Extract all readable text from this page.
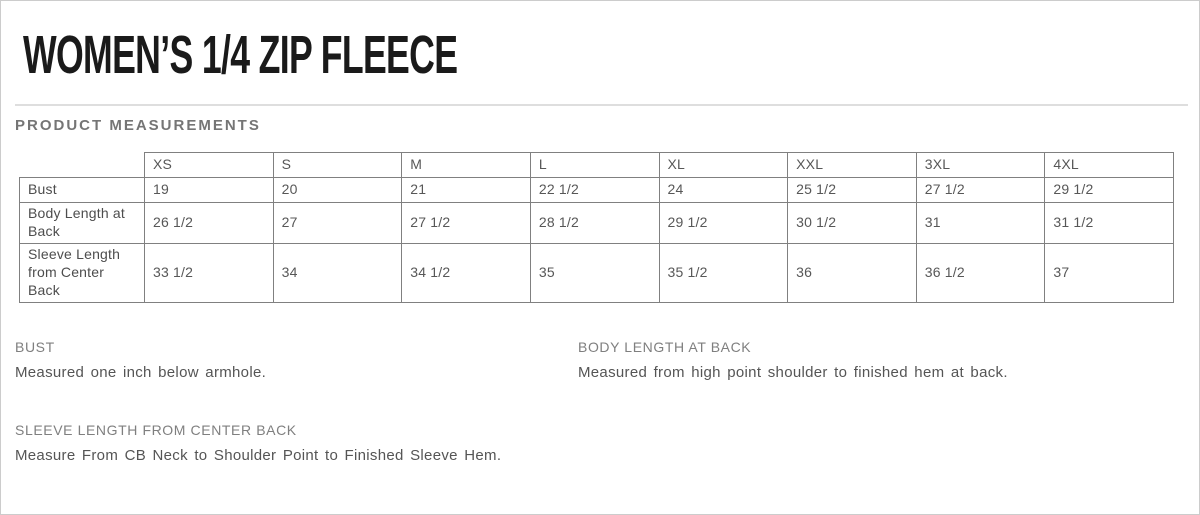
WOMEN’S 1/4 ZIP FLEECE
PRODUCT MEASUREMENTS
	XS	S	M	L	XL	XXL	3XL	4XL
Bust	19	20	21	22 1/2	24	25 1/2	27 1/2	29 1/2
Body Length at Back	26 1/2	27	27 1/2	28 1/2	29 1/2	30 1/2	31	31 1/2
Sleeve Length from Center Back	33 1/2	34	34 1/2	35	35 1/2	36	36 1/2	37
BUST

Measured one inch below armhole.

BODY LENGTH AT BACK

Measured from high point shoulder to finished hem at back.

SLEEVE LENGTH FROM CENTER BACK

Measure From CB Neck to Shoulder Point to Finished Sleeve Hem.
